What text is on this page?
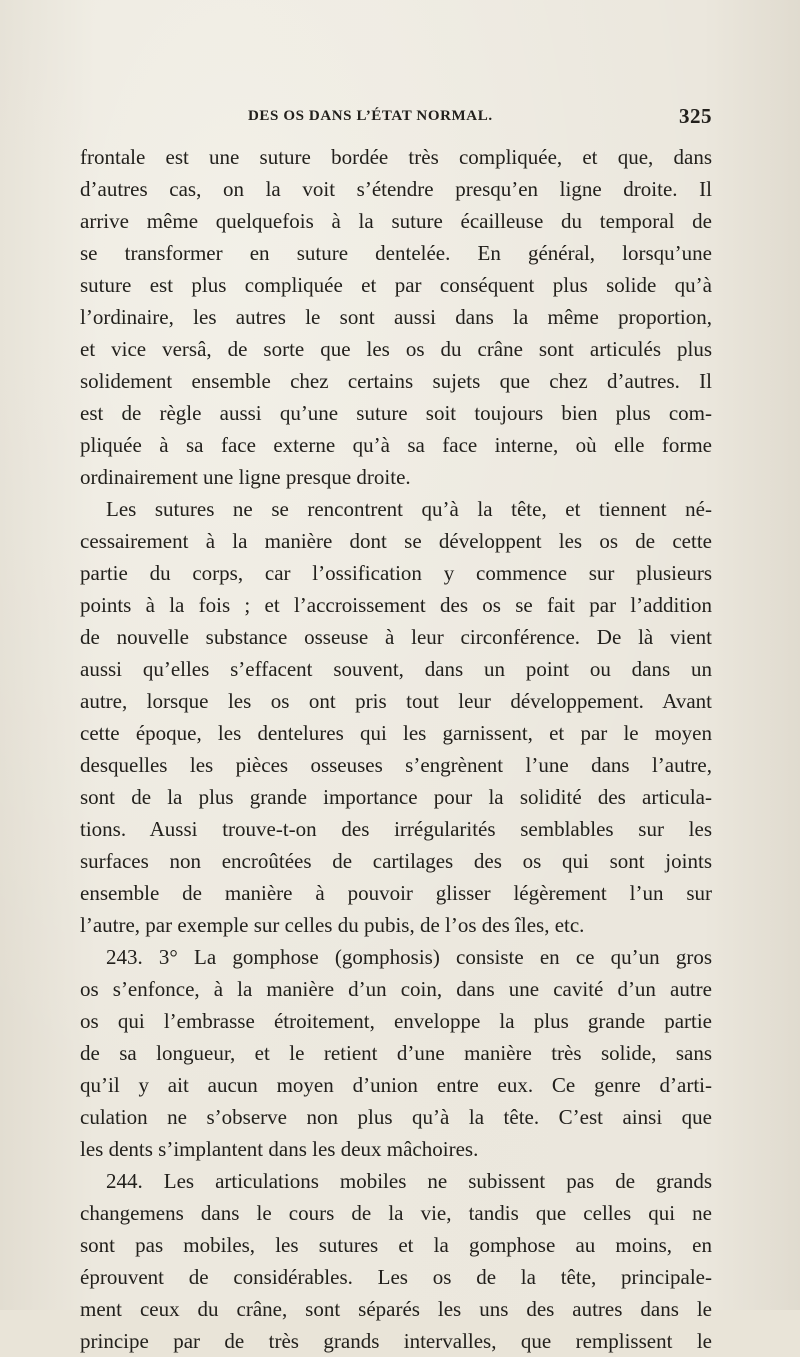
DES OS DANS L’ÉTAT NORMAL.	325
frontale est une suture bordée très compliquée, et que, dans
d’autres cas, on la voit s’étendre presqu’en ligne droite. Il
arrive même quelquefois à la suture écailleuse du temporal de
se transformer en suture dentelée. En général, lorsqu’une
suture est plus compliquée et par conséquent plus solide qu’à
l’ordinaire, les autres le sont aussi dans la même proportion,
et vice versâ, de sorte que les os du crâne sont articulés plus
solidement ensemble chez certains sujets que chez d’autres. Il
est de règle aussi qu’une suture soit toujours bien plus com-
pliquée à sa face externe qu’à sa face interne, où elle forme
ordinairement une ligne presque droite.
Les sutures ne se rencontrent qu’à la tête, et tiennent né-
cessairement à la manière dont se développent les os de cette
partie du corps, car l’ossification y commence sur plusieurs
points à la fois ; et l’accroissement des os se fait par l’addition
de nouvelle substance osseuse à leur circonférence. De là vient
aussi qu’elles s’effacent souvent, dans un point ou dans un
autre, lorsque les os ont pris tout leur développement. Avant
cette époque, les dentelures qui les garnissent, et par le moyen
desquelles les pièces osseuses s’engrènent l’une dans l’autre,
sont de la plus grande importance pour la solidité des articula-
tions. Aussi trouve-t-on des irrégularités semblables sur les
surfaces non encroûtées de cartilages des os qui sont joints
ensemble de manière à pouvoir glisser légèrement l’un sur
l’autre, par exemple sur celles du pubis, de l’os des îles, etc.
243. 3° La gomphose (gomphosis) consiste en ce qu’un gros
os s’enfonce, à la manière d’un coin, dans une cavité d’un autre
os qui l’embrasse étroitement, enveloppe la plus grande partie
de sa longueur, et le retient d’une manière très solide, sans
qu’il y ait aucun moyen d’union entre eux. Ce genre d’arti-
culation ne s’observe non plus qu’à la tête. C’est ainsi que
les dents s’implantent dans les deux mâchoires.
244. Les articulations mobiles ne subissent pas de grands
changemens dans le cours de la vie, tandis que celles qui ne
sont pas mobiles, les sutures et la gomphose au moins, en
éprouvent de considérables. Les os de la tête, principale-
ment ceux du crâne, sont séparés les uns des autres dans le
principe par de très grands intervalles, que remplissent le
